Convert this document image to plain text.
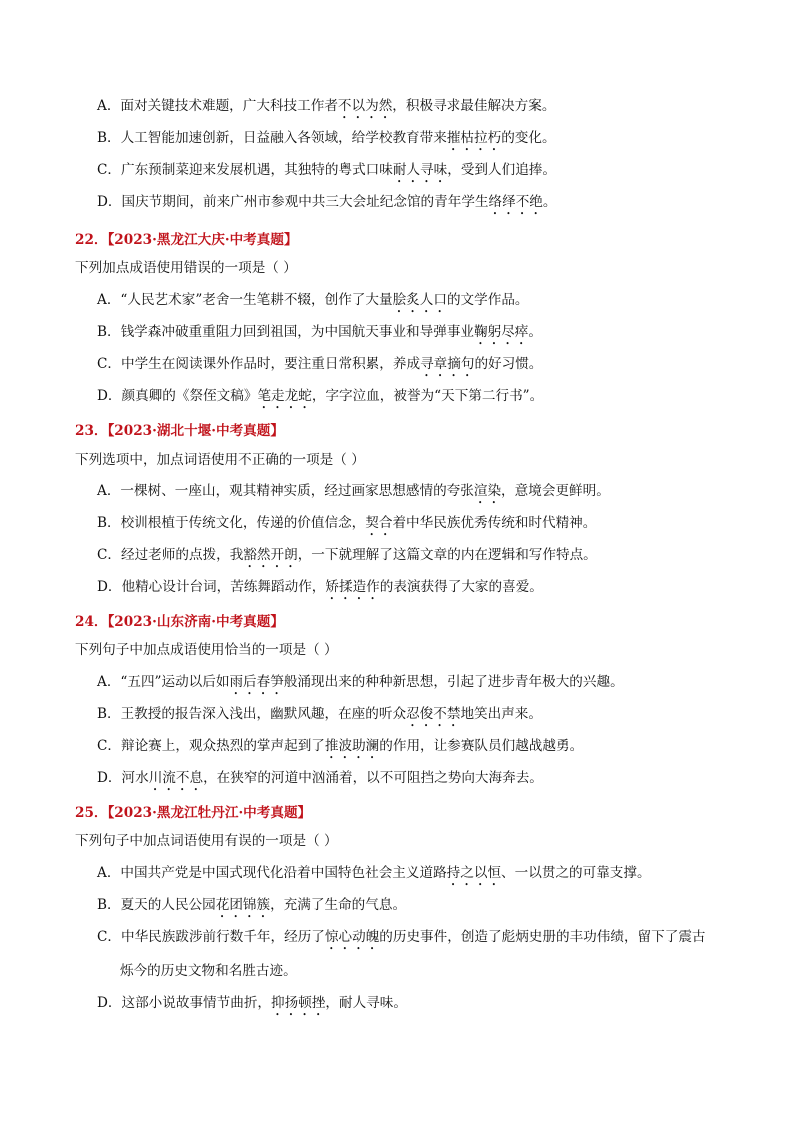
A．面对关键技术难题，广大科技工作者不以为然，积极寻求最佳解决方案。
B．人工智能加速创新，日益融入各领域，给学校教育带来摧枯拉朽的变化。
C．广东预制菜迎来发展机遇，其独特的粤式口味耐人寻味，受到人们追捧。
D．国庆节期间，前来广州市参观中共三大会址纪念馆的青年学生络绎不绝。
22．【2023·黑龙江大庆·中考真题】
下列加点成语使用错误的一项是（ ）
A．“人民艺术家”老舍一生笔耕不辍，创作了大量脍炙人口的文学作品。
B．钱学森冲破重重阻力回到祖国，为中国航天事业和导弹事业鞠躬尽瘁。
C．中学生在阅读课外作品时，要注重日常积累，养成寻章摘句的好习惯。
D．颜真卿的《祭侄文稿》笔走龙蛇，字字泣血，被誉为“天下第二行书”。
23．【2023·湖北十堰·中考真题】
下列选项中，加点词语使用不正确的一项是（ ）
A．一棵树、一座山，观其精神实质，经过画家思想感情的夸张渲染，意境会更鲜明。
B．校训根植于传统文化，传递的价值信念，契合着中华民族优秀传统和时代精神。
C．经过老师的点拨，我豁然开朗，一下就理解了这篇文章的内在逻辑和写作特点。
D．他精心设计台词，苦练舞蹈动作，矫揉造作的表演获得了大家的喜爱。
24．【2023·山东济南·中考真题】
下列句子中加点成语使用恰当的一项是（ ）
A．“五四”运动以后如雨后春笋般涌现出来的种种新思想，引起了进步青年极大的兴趣。
B．王教授的报告深入浅出，幽默风趣，在座的听众忍俊不禁地笑出声来。
C．辩论赛上，观众热烈的掌声起到了推波助澜的作用，让参赛队员们越战越勇。
D．河水川流不息，在狭窄的河道中汹涌着，以不可阻挡之势向大海奔去。
25．【2023·黑龙江牡丹江·中考真题】
下列句子中加点词语使用有误的一项是（ ）
A．中国共产党是中国式现代化沿着中国特色社会主义道路持之以恒、一以贯之的可靠支撑。
B．夏天的人民公园花团锦簇，充满了生命的气息。
C．中华民族跋涉前行数千年，经历了惊心动魄的历史事件，创造了彪炳史册的丰功伟绩，留下了震古
烁今的历史文物和名胜古迹。
D．这部小说故事情节曲折，抑扬顿挫，耐人寻味。
